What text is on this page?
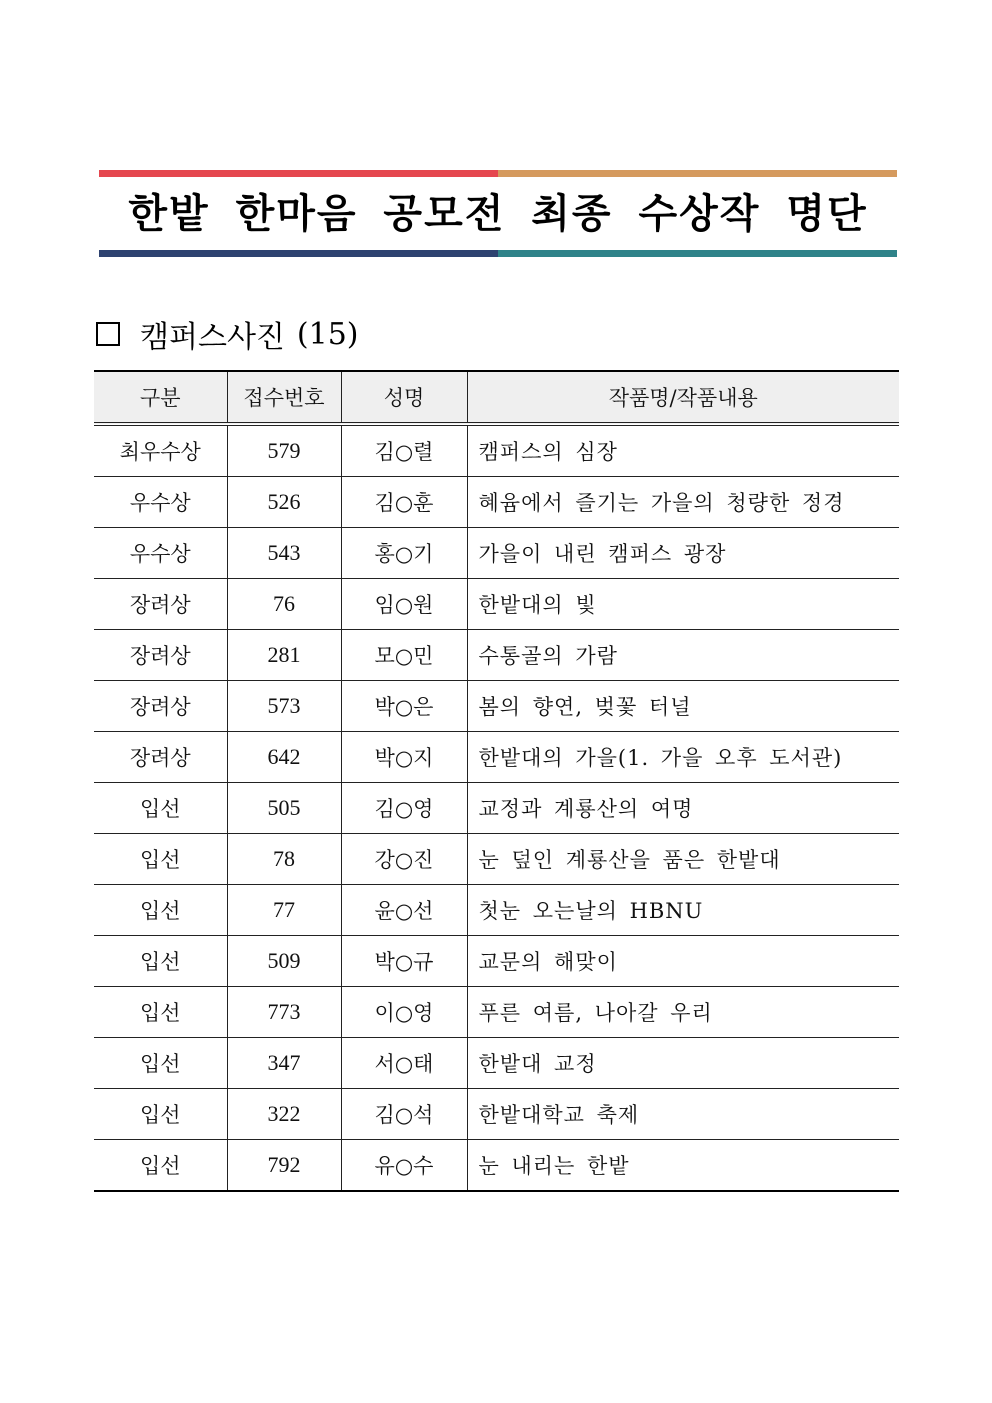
한밭 한마음 공모전 최종 수상작 명단
캠퍼스사진 (15)
구분	접수번호	성명	작품명/작품내용
최우수상	579	김○렬	캠퍼스의 심장
우수상	526	김○훈	혜윰에서 즐기는 가을의 청량한 정경
우수상	543	홍○기	가을이 내린 캠퍼스 광장
장려상	76	임○원	한밭대의 빛
장려상	281	모○민	수통골의 가람
장려상	573	박○은	봄의 향연, 벚꽃 터널
장려상	642	박○지	한밭대의 가을(1. 가을 오후 도서관)
입선	505	김○영	교정과 계룡산의 여명
입선	78	강○진	눈 덮인 계룡산을 품은 한밭대
입선	77	윤○선	첫눈 오는날의 HBNU
입선	509	박○규	교문의 해맞이
입선	773	이○영	푸른 여름, 나아갈 우리
입선	347	서○태	한밭대 교정
입선	322	김○석	한밭대학교 축제
입선	792	유○수	눈 내리는 한밭
